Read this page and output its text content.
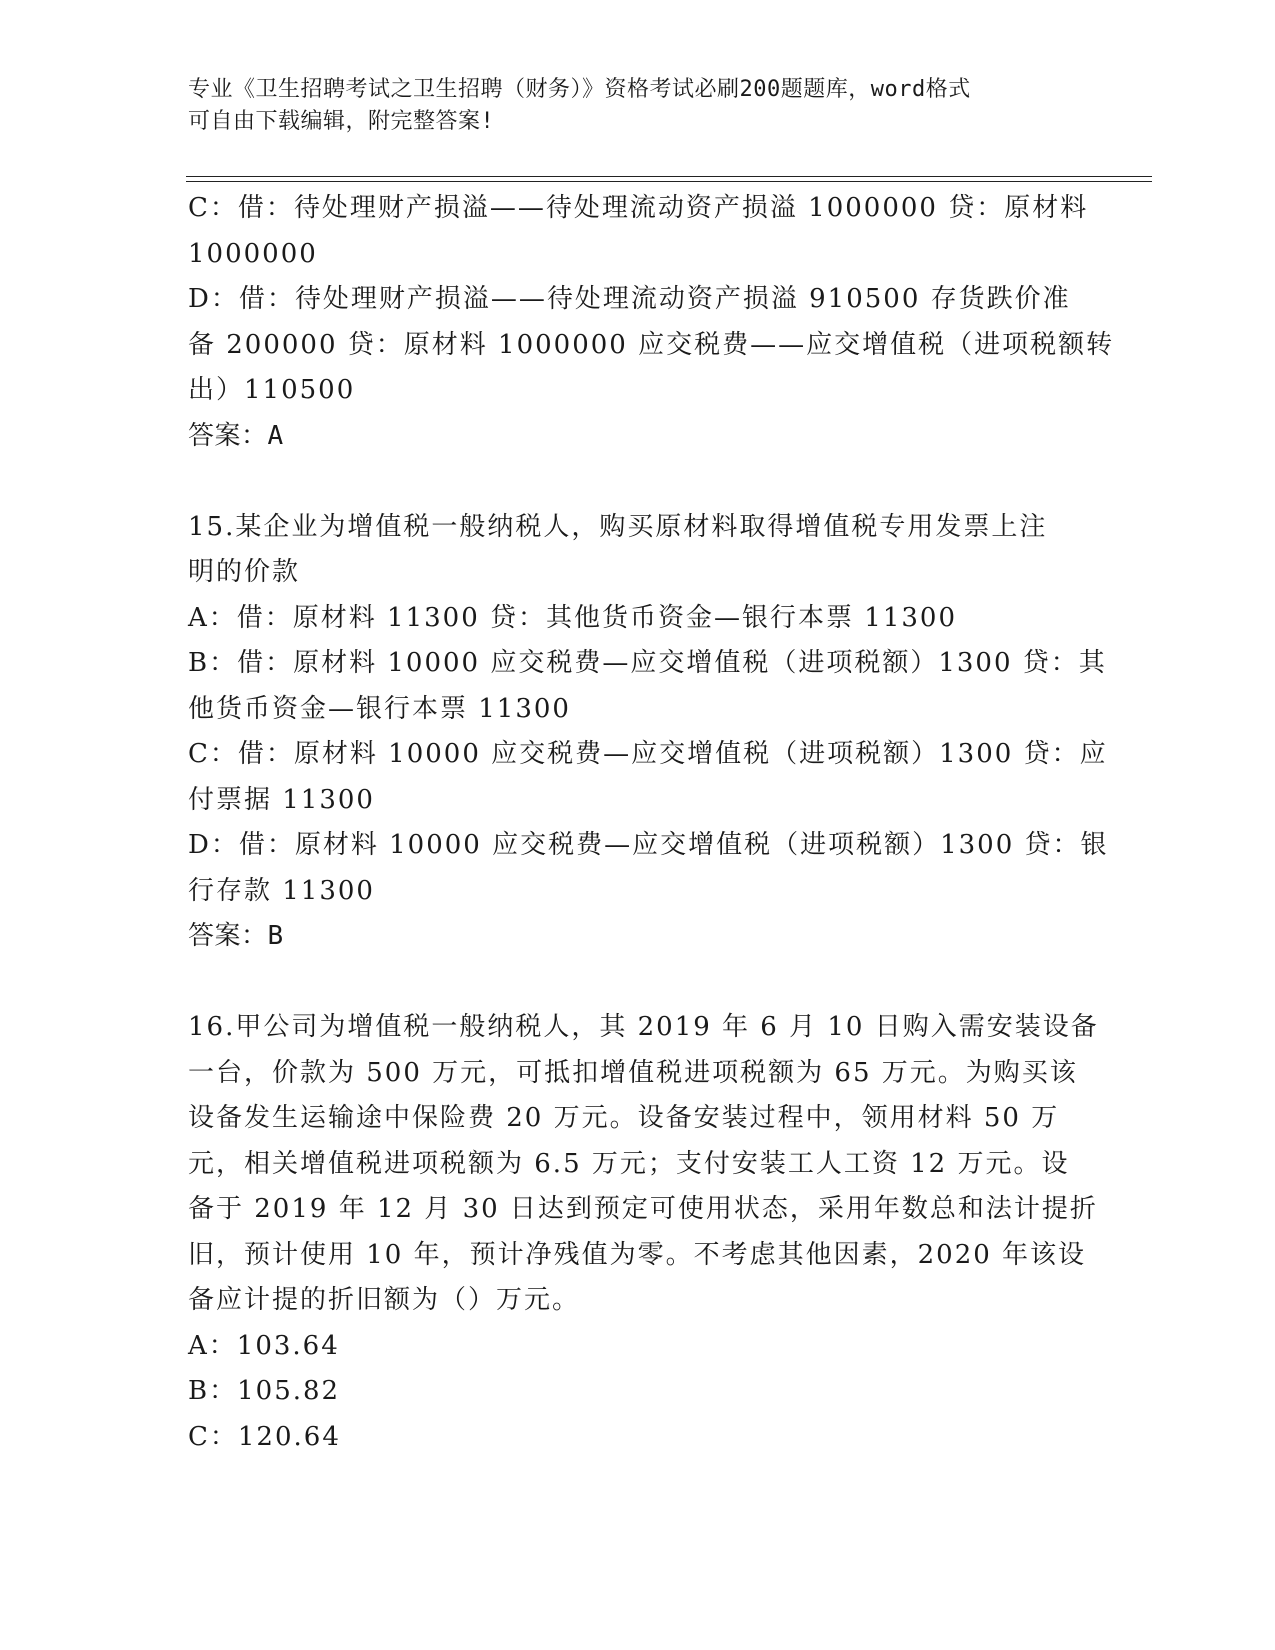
专业《卫生招聘考试之卫生招聘（财务）》资格考试必刷200题题库，word格式
可自由下载编辑，附完整答案!
C：借：待处理财产损溢——待处理流动资产损溢 1000000 贷：原材料
1000000
D：借：待处理财产损溢——待处理流动资产损溢 910500 存货跌价准
备 200000 贷：原材料 1000000 应交税费——应交增值税（进项税额转
出）110500
答案：A
15.某企业为增值税一般纳税人，购买原材料取得增值税专用发票上注
明的价款
A：借：原材料 11300 贷：其他货币资金—银行本票 11300
B：借：原材料 10000 应交税费—应交增值税（进项税额）1300 贷：其
他货币资金—银行本票 11300
C：借：原材料 10000 应交税费—应交增值税（进项税额）1300 贷：应
付票据 11300
D：借：原材料 10000 应交税费—应交增值税（进项税额）1300 贷：银
行存款 11300
答案：B
16.甲公司为增值税一般纳税人，其 2019 年 6 月 10 日购入需安装设备
一台，价款为 500 万元，可抵扣增值税进项税额为 65 万元。为购买该
设备发生运输途中保险费 20 万元。设备安装过程中，领用材料 50 万
元，相关增值税进项税额为 6.5 万元；支付安装工人工资 12 万元。设
备于 2019 年 12 月 30 日达到预定可使用状态，采用年数总和法计提折
旧，预计使用 10 年，预计净残值为零。不考虑其他因素，2020 年该设
备应计提的折旧额为（）万元。
A：103.64
B：105.82
C：120.64
